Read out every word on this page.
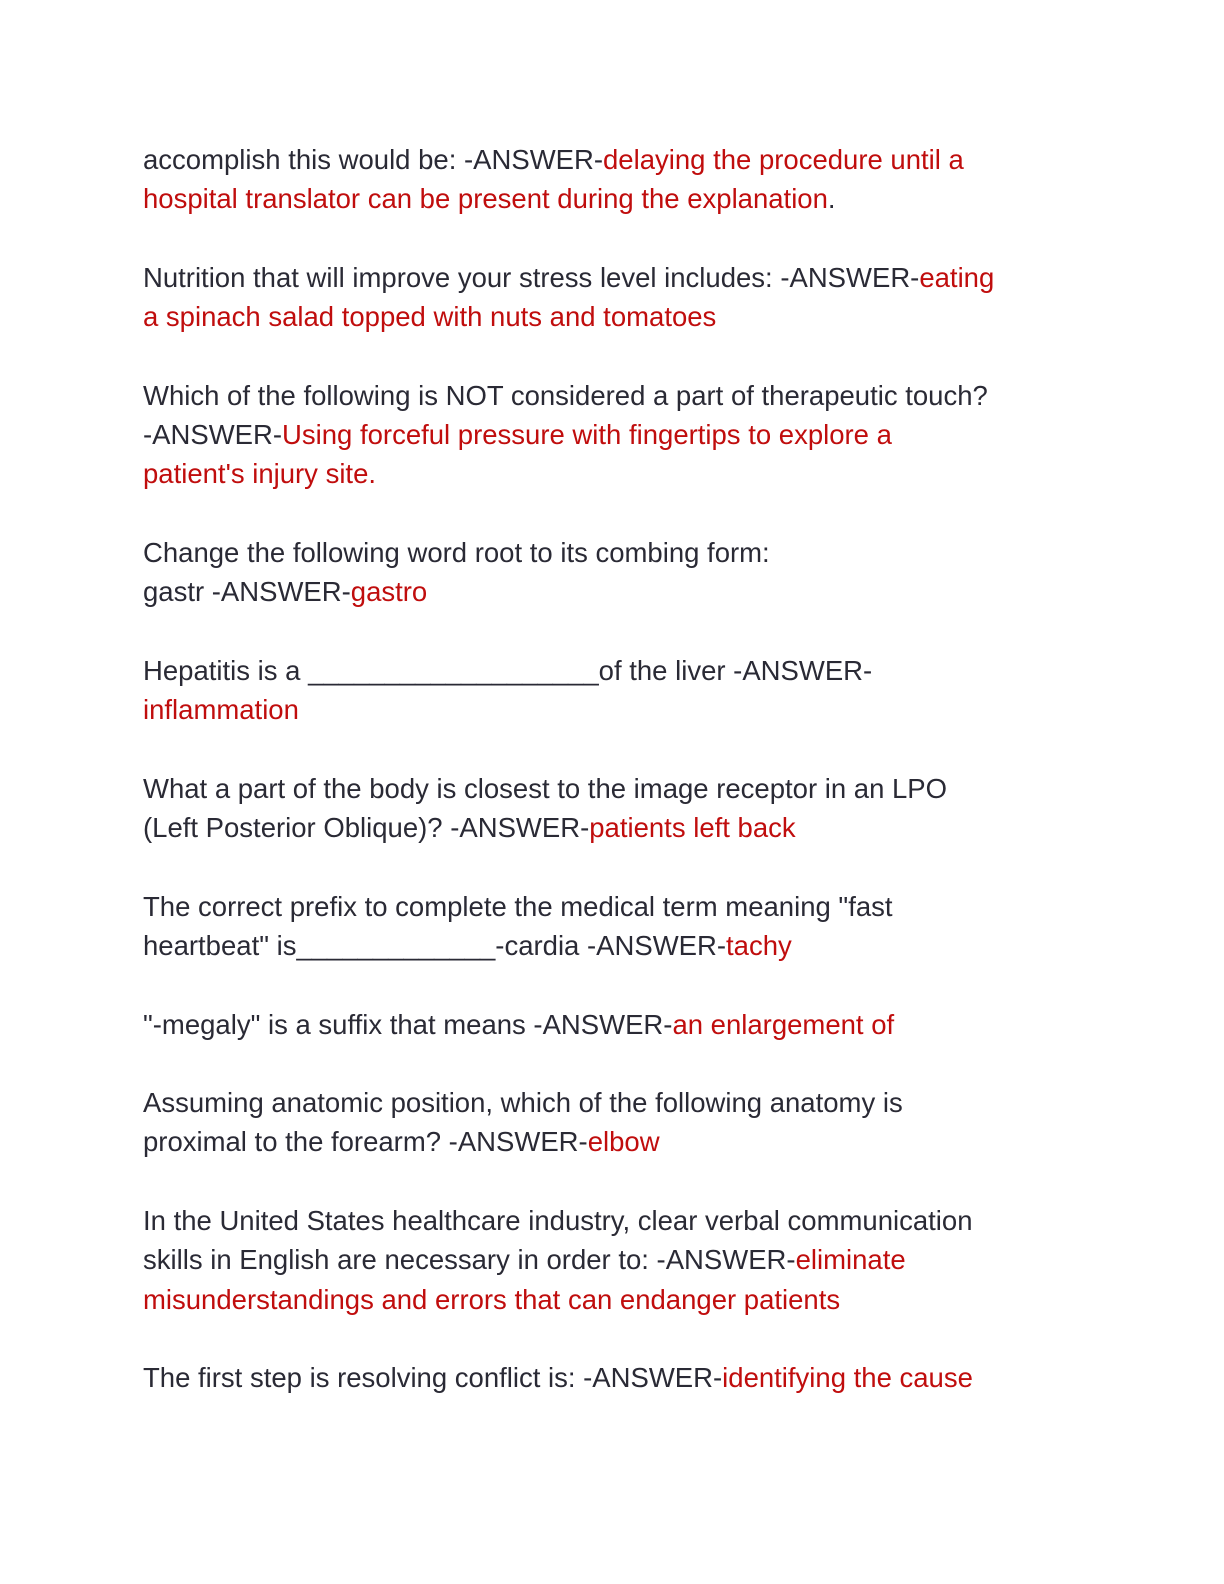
accomplish this would be: -ANSWER-delaying the procedure until a
hospital translator can be present during the explanation.
Nutrition that will improve your stress level includes: -ANSWER-eating
a spinach salad topped with nuts and tomatoes
Which of the following is NOT considered a part of therapeutic touch?
-ANSWER-Using forceful pressure with fingertips to explore a
patient's injury site.
Change the following word root to its combing form:
gastr -ANSWER-gastro
Hepatitis is a ___________________of the liver -ANSWER-
inflammation
What a part of the body is closest to the image receptor in an LPO
(Left Posterior Oblique)? -ANSWER-patients left back
The correct prefix to complete the medical term meaning "fast
heartbeat" is_____________-cardia -ANSWER-tachy
"-megaly" is a suffix that means -ANSWER-an enlargement of
Assuming anatomic position, which of the following anatomy is
proximal to the forearm? -ANSWER-elbow
In the United States healthcare industry, clear verbal communication
skills in English are necessary in order to: -ANSWER-eliminate
misunderstandings and errors that can endanger patients
The first step is resolving conflict is: -ANSWER-identifying the cause
